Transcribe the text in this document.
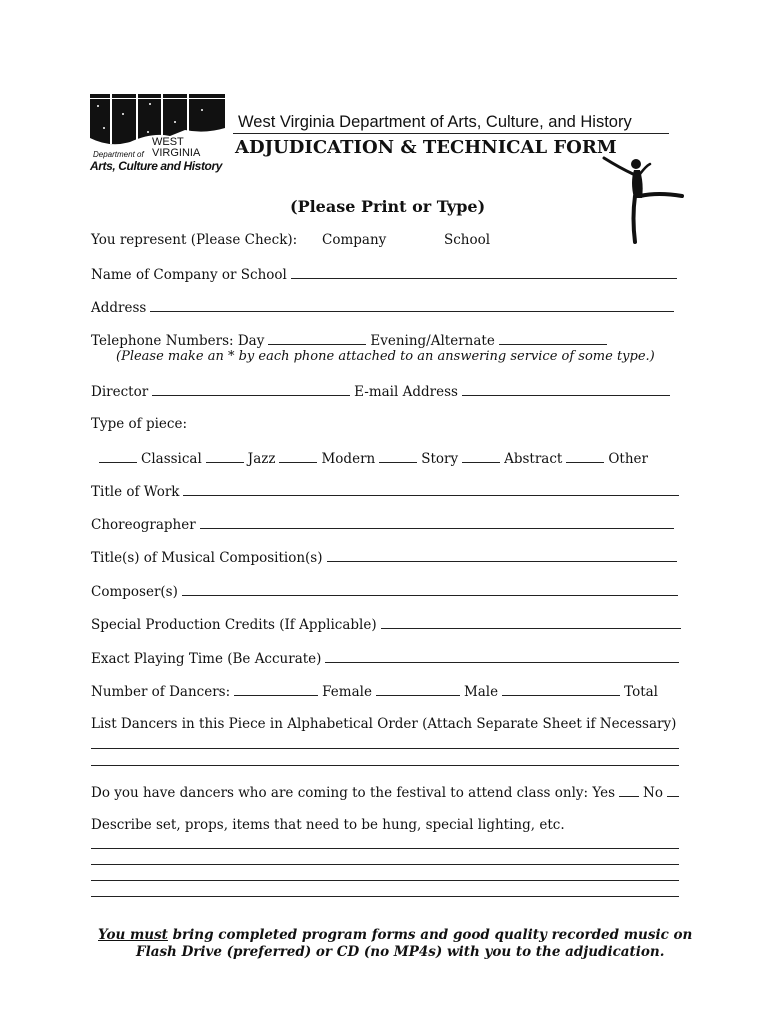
WEST
Department of VIRGINIA
Arts, Culture and History
West Virginia Department of Arts, Culture, and History
ADJUDICATION & TECHNICAL FORM
(Please Print or Type)
You represent (Please Check): Company	School
Name of Company or School
Address
Telephone Numbers: Day	Evening/Alternate
(Please make an * by each phone attached to an answering service of some type.)
Director	E-mail Address
Type of piece:
Classical	Jazz	Modern	Story	Abstract	Other
Title of Work
Choreographer
Title(s) of Musical Composition(s)
Composer(s)
Special Production Credits (If Applicable)
Exact Playing Time (Be Accurate)
Number of Dancers:	Female	Male	Total
List Dancers in this Piece in Alphabetical Order (Attach Separate Sheet if Necessary)
Do you have dancers who are coming to the festival to attend class only: Yes No
Describe set, props, items that need to be hung, special lighting, etc.
You must bring completed program forms and good quality recorded music on
Flash Drive (preferred) or CD (no MP4s) with you to the adjudication.
